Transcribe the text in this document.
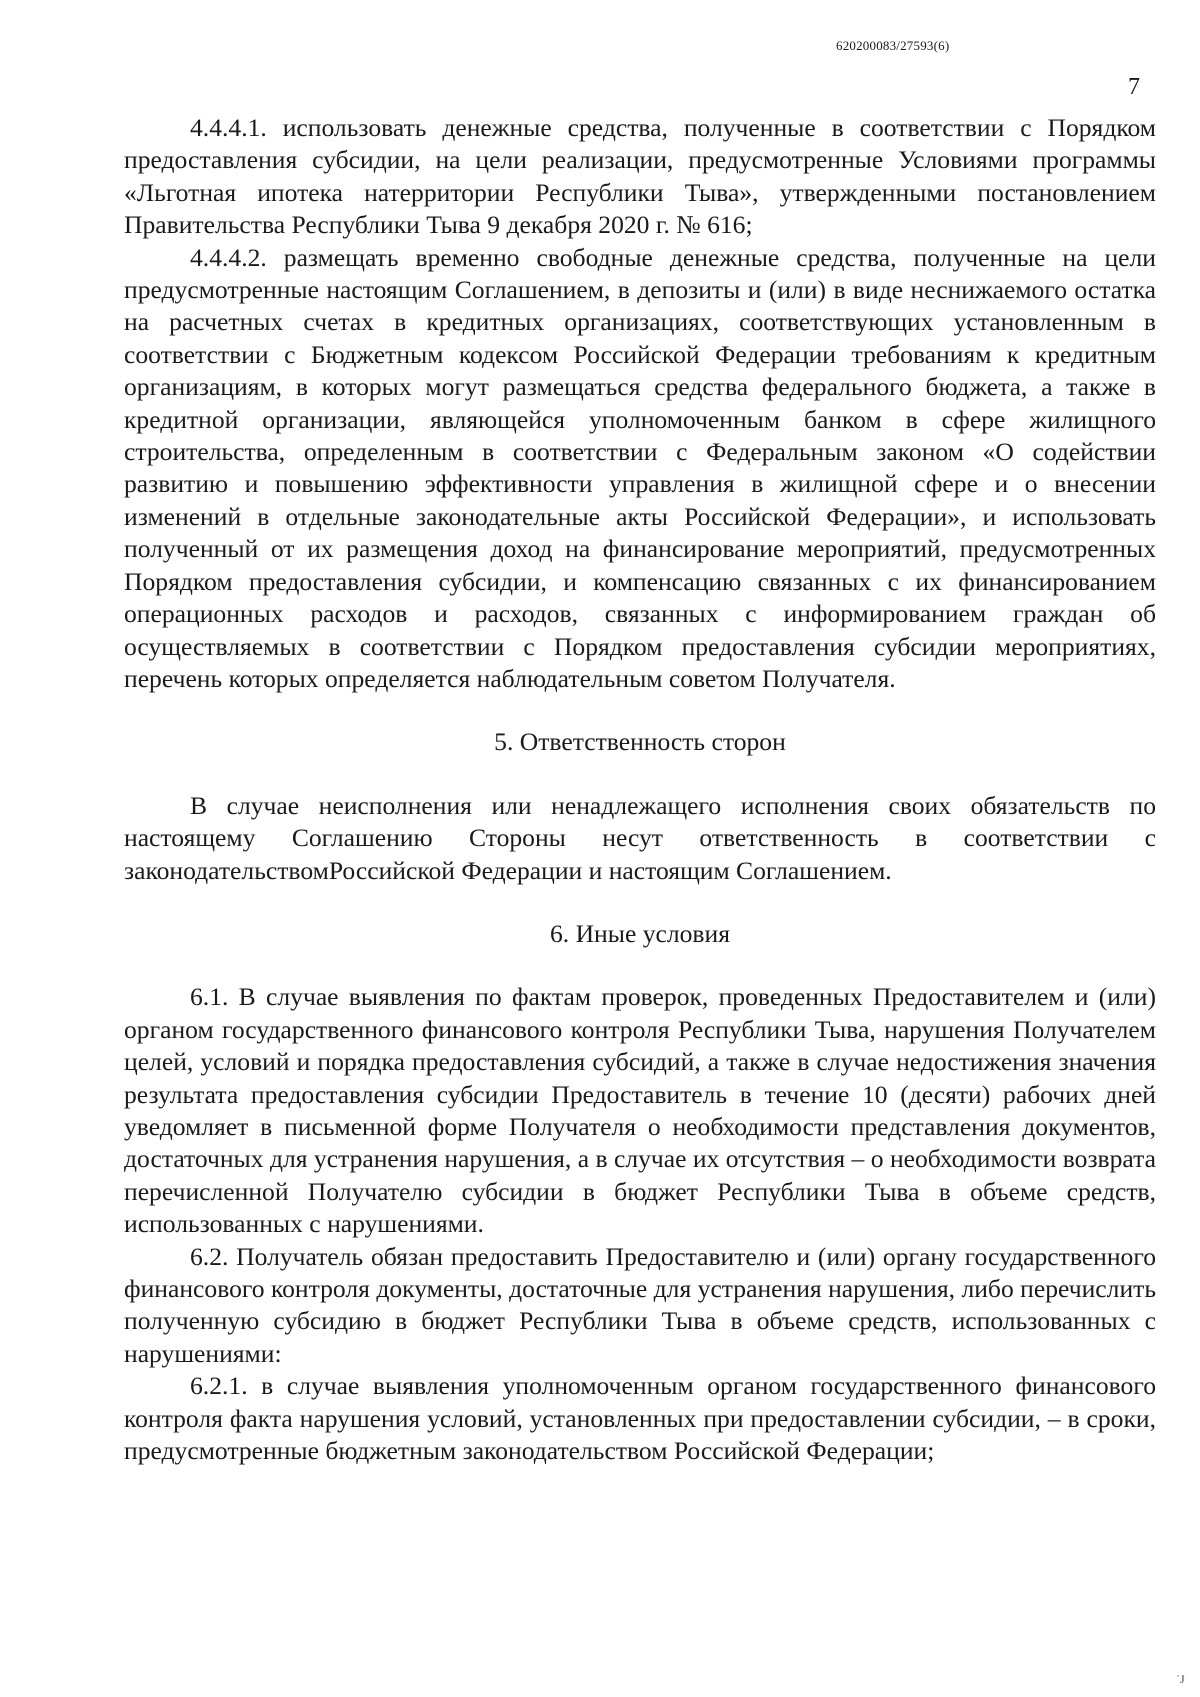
620200083/27593(6)
7

4.4.4.1. использовать денежные средства, полученные в соответствии с Порядком предоставления субсидии, на цели реализации, предусмотренные Условиями программы «Льготная ипотека натерритории Республики Тыва», утвержденными постановлением Правительства Республики Тыва 9 декабря 2020 г. № 616;

4.4.4.2. размещать временно свободные денежные средства, полученные на цели предусмотренные настоящим Соглашением, в депозиты и (или) в виде неснижаемого остатка на расчетных счетах в кредитных организациях, соответствующих установленным в соответствии с Бюджетным кодексом Российской Федерации требованиям к кредитным организациям, в которых могут размещаться средства федерального бюджета, а также в кредитной организации, являющейся уполномоченным банком в сфере жилищного строительства, определенным в соответствии с Федеральным законом «О содействии развитию и повышению эффективности управления в жилищной сфере и о внесении изменений в отдельные законодательные акты Российской Федерации», и использовать полученный от их размещения доход на финансирование мероприятий, предусмотренных Порядком предоставления субсидии, и компенсацию связанных с их финансированием операционных расходов и расходов, связанных с информированием граждан об осуществляемых в соответствии с Порядком предоставления субсидии мероприятиях, перечень которых определяется наблюдательным советом Получателя.

5. Ответственность сторон

В случае неисполнения или ненадлежащего исполнения своих обязательств по настоящему Соглашению Стороны несут ответственность в соответствии с законодательствомРоссийской Федерации и настоящим Соглашением.

6. Иные условия

6.1. В случае выявления по фактам проверок, проведенных Предоставителем и (или) органом государственного финансового контроля Республики Тыва, нарушения Получателем целей, условий и порядка предоставления субсидий, а также в случае недостижения значения результата предоставления субсидии Предоставитель в течение 10 (десяти) рабочих дней уведомляет в письменной форме Получателя о необходимости представления документов, достаточных для устранения нарушения, а в случае их отсутствия – о необходимости возврата перечисленной Получателю субсидии в бюджет Республики Тыва в объеме средств, использованных с нарушениями.

6.2. Получатель обязан предоставить Предоставителю и (или) органу государственного финансового контроля документы, достаточные для устранения нарушения, либо перечислить полученную субсидию в бюджет Республики Тыва в объеме средств, использованных с нарушениями:

6.2.1. в случае выявления уполномоченным органом государственного финансового контроля факта нарушения условий, установленных при предоставлении субсидии, – в сроки, предусмотренные бюджетным законодательством Российской Федерации;

˙J
